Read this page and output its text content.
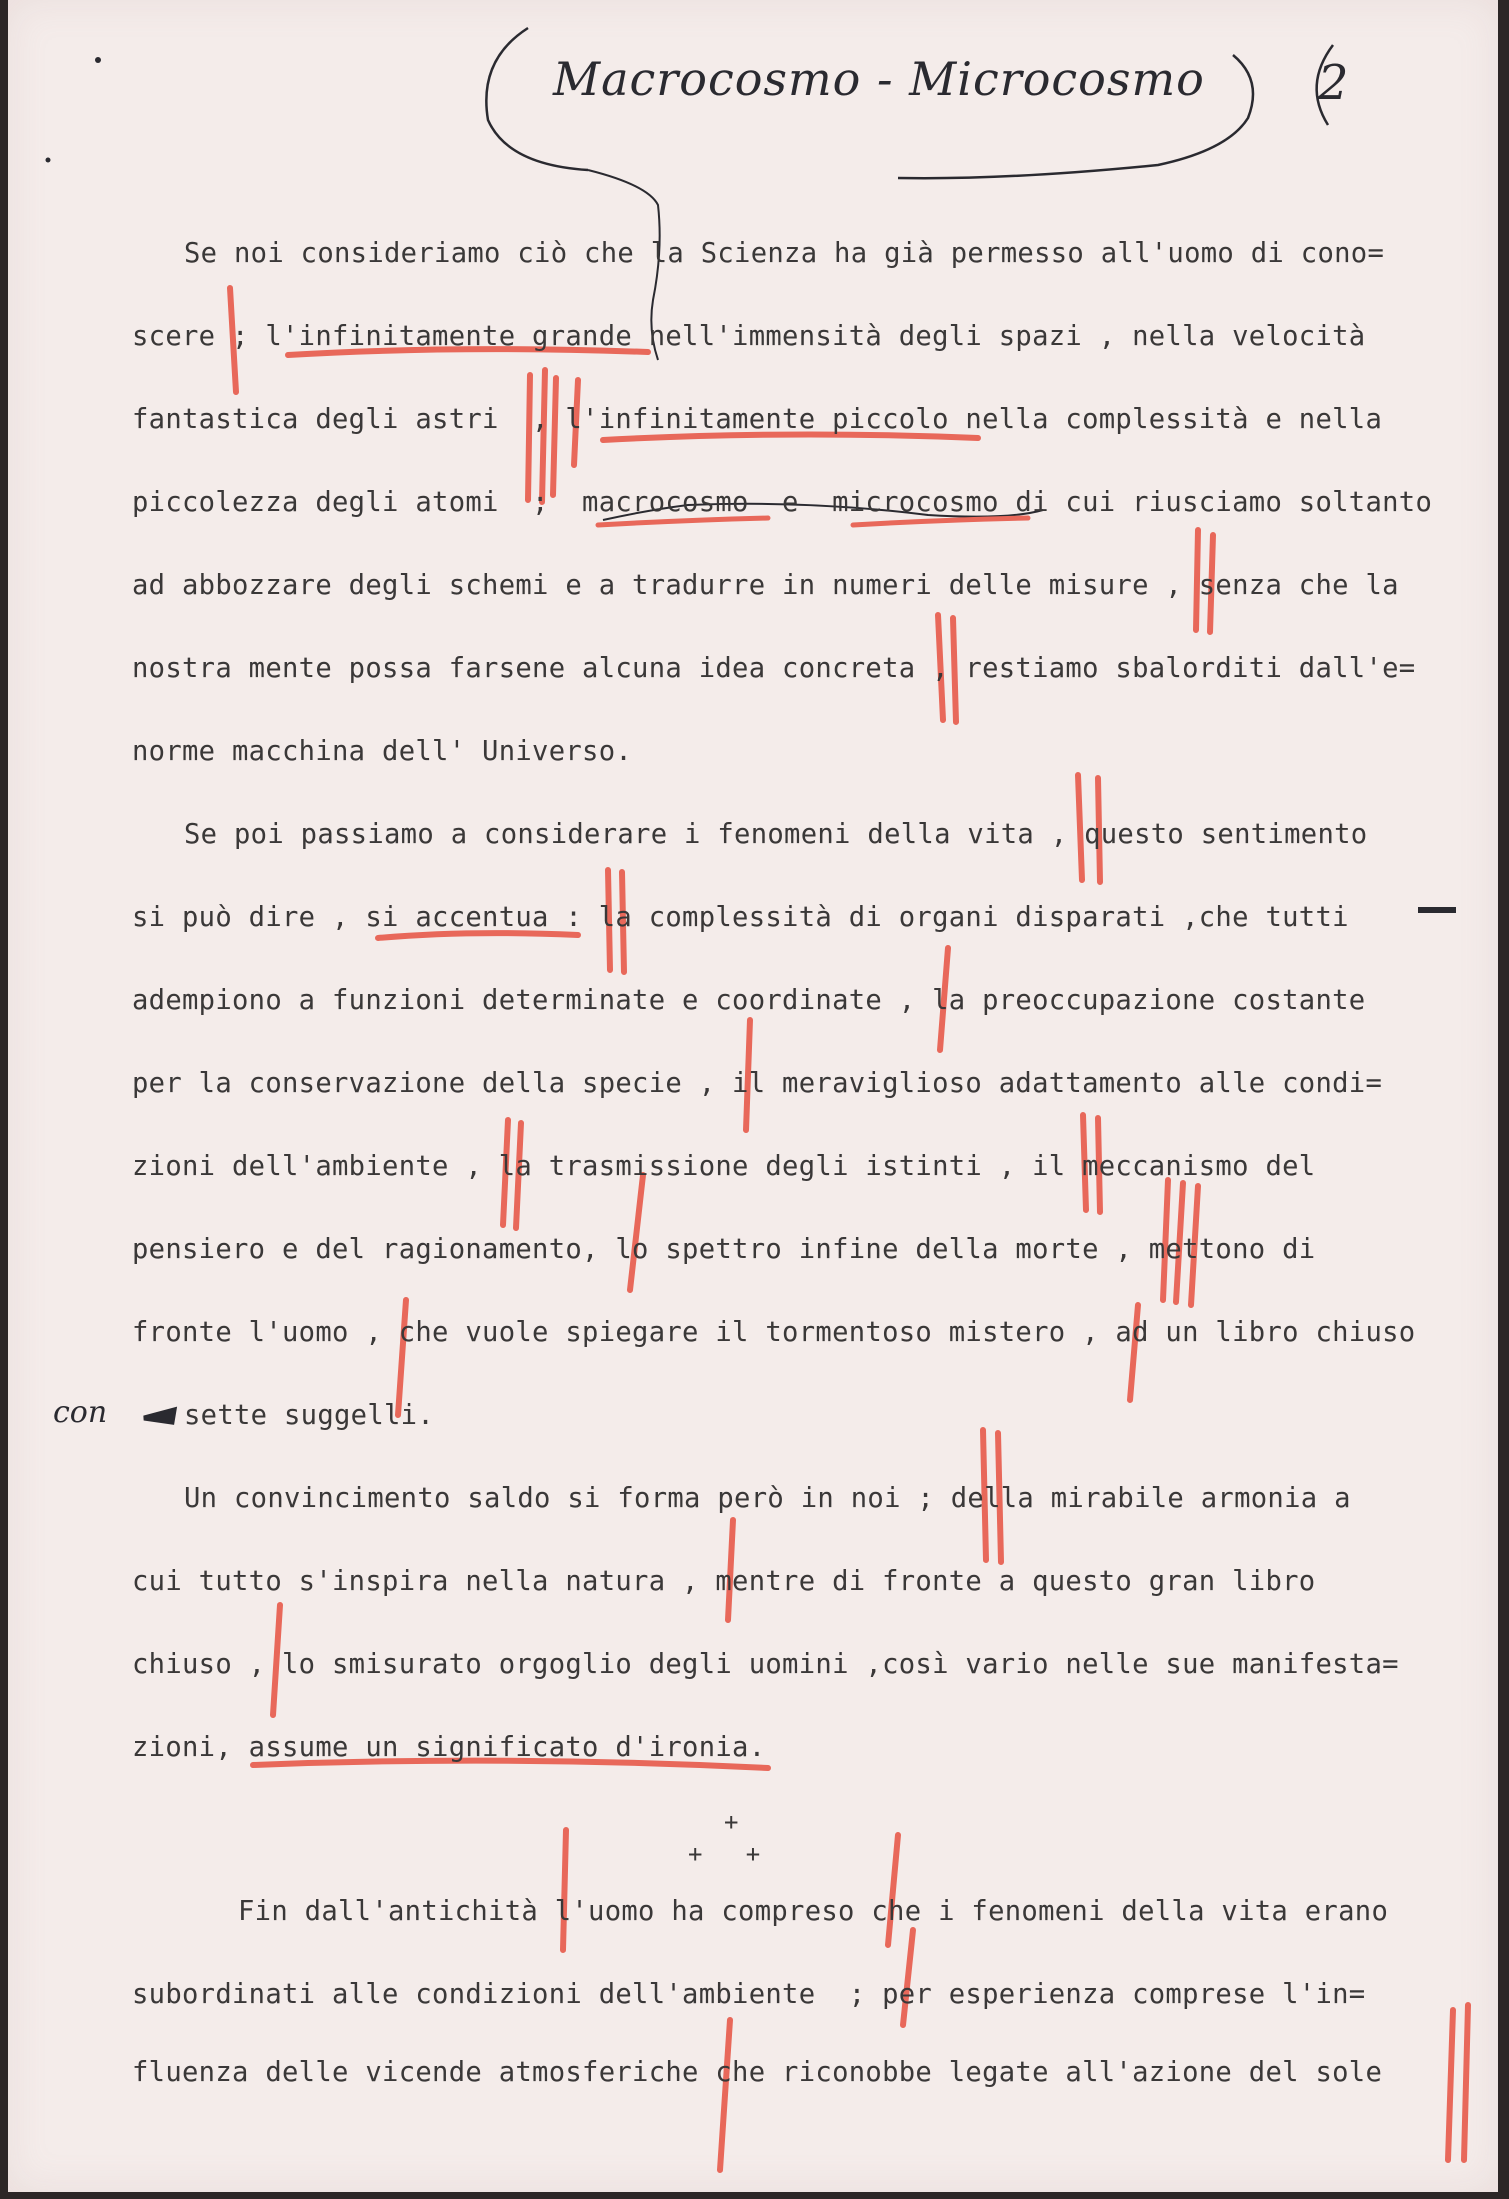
Macrocosmo - Microcosmo 2
con
Se noi consideriamo ciò che la Scienza ha già permesso all'uomo di cono=
scere ; l'infinitamente grande nell'immensità degli spazi , nella velocità
fantastica degli astri  , l'infinitamente piccolo nella complessità e nella
piccolezza degli atomi  ;  macrocosmo  e  microcosmo di cui riusciamo soltanto
ad abbozzare degli schemi e a tradurre in numeri delle misure , senza che la
nostra mente possa farsene alcuna idea concreta , restiamo sbalorditi dall'e=
norme macchina dell' Universo.
Se poi passiamo a considerare i fenomeni della vita , questo sentimento
si può dire , si accentua : la complessità di organi disparati ,che tutti
adempiono a funzioni determinate e coordinate , la preoccupazione costante
per la conservazione della specie , il meraviglioso adattamento alle condi=
zioni dell'ambiente , la trasmissione degli istinti , il meccanismo del
pensiero e del ragionamento, lo spettro infine della morte , mettono di
fronte l'uomo , che vuole spiegare il tormentoso mistero , ad un libro chiuso
sette suggelli.
Un convincimento saldo si forma però in noi ; della mirabile armonia a
cui tutto s'inspira nella natura , mentre di fronte a questo gran libro
chiuso , lo smisurato orgoglio degli uomini ,così vario nelle sue manifesta=
zioni, assume un significato d'ironia.
+
+   +
Fin dall'antichità l'uomo ha compreso che i fenomeni della vita erano
subordinati alle condizioni dell'ambiente  ; per esperienza comprese l'in=
fluenza delle vicende atmosferiche che riconobbe legate all'azione del sole
